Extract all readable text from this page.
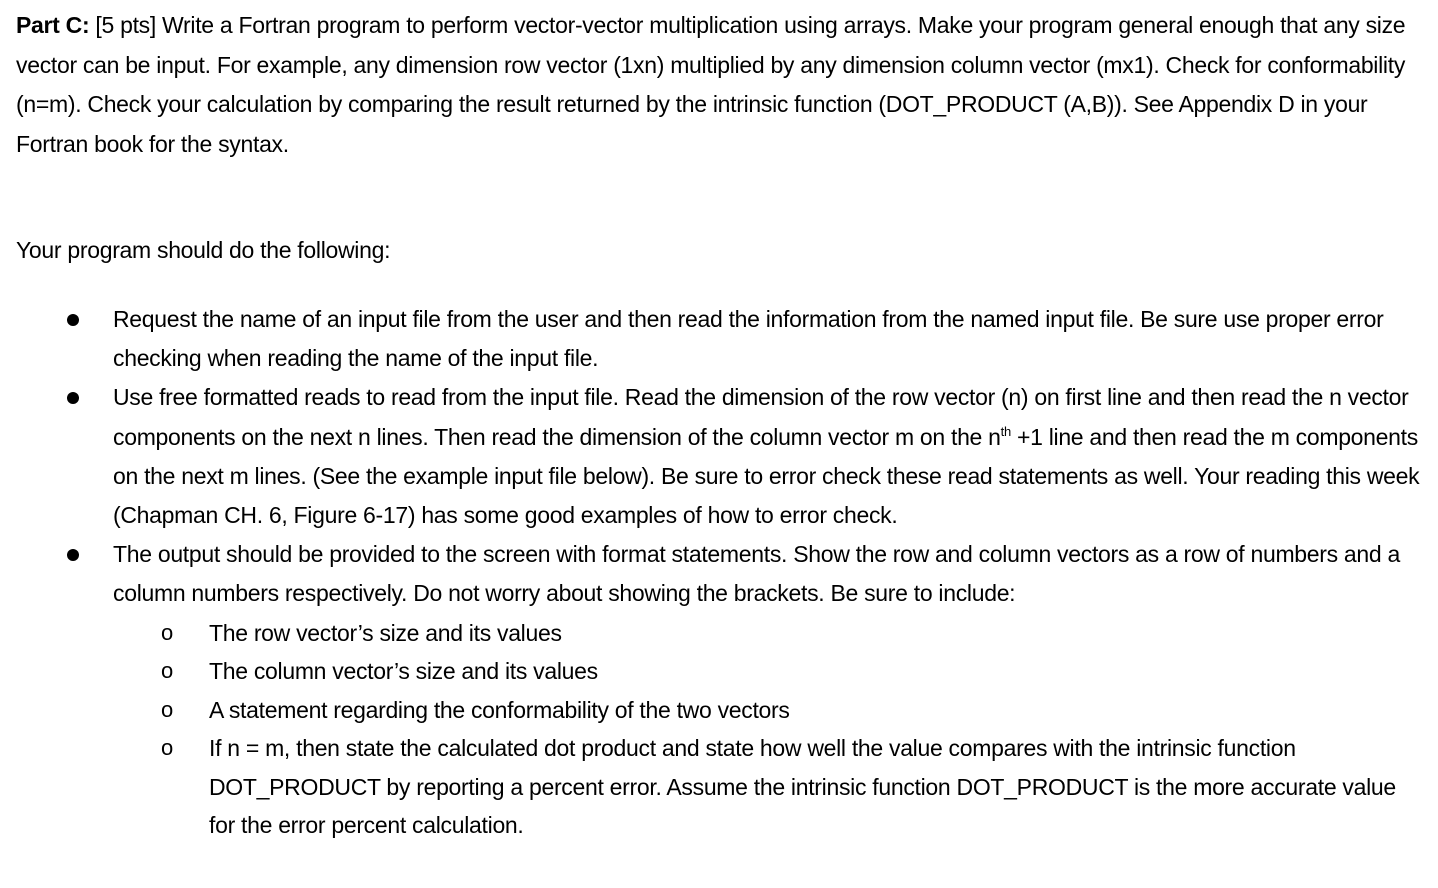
Part C: [5 pts] Write a Fortran program to perform vector-vector multiplication using arrays. Make your program general enough that any size vector can be input. For example, any dimension row vector (1xn) multiplied by any dimension column vector (mx1). Check for conformability (n=m). Check your calculation by comparing the result returned by the intrinsic function (DOT_PRODUCT (A,B)). See Appendix D in your Fortran book for the syntax.
Your program should do the following:
Request the name of an input file from the user and then read the information from the named input file. Be sure use proper error checking when reading the name of the input file.
Use free formatted reads to read from the input file. Read the dimension of the row vector (n) on first line and then read the n vector components on the next n lines. Then read the dimension of the column vector m on the $n^{th} +1$ line and then read the m components on the next m lines. (See the example input file below). Be sure to error check these read statements as well. Your reading this week (Chapman CH. 6, Figure 6-17) has some good examples of how to error check.
The output should be provided to the screen with format statements. Show the row and column vectors as a row of numbers and a column numbers respectively. Do not worry about showing the brackets. Be sure to include:
o The row vector’s size and its values
o The column vector’s size and its values
o A statement regarding the conformability of the two vectors
o If n = m, then state the calculated dot product and state how well the value compares with the intrinsic function DOT_PRODUCT by reporting a percent error. Assume the intrinsic function DOT_PRODUCT is the more accurate value for the error percent calculation.
